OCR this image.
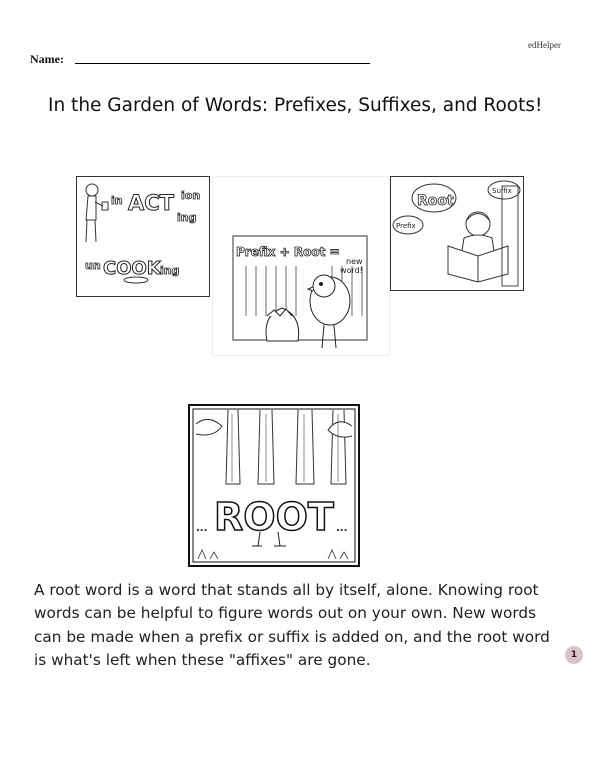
edHelper
Name:
In the Garden of Words: Prefixes, Suffixes, and Roots!
in ACT ion
ing
un COOK ing
Prefix + Root =
new
word!
Root
Suffix
Prefix
... ROOT ...

A root word is a word that stands all by itself, alone. Knowing root words can be helpful to figure words out on your own. New words can be made when a prefix or suffix is added on, and the root word is what's left when these "affixes" are gone.	1
